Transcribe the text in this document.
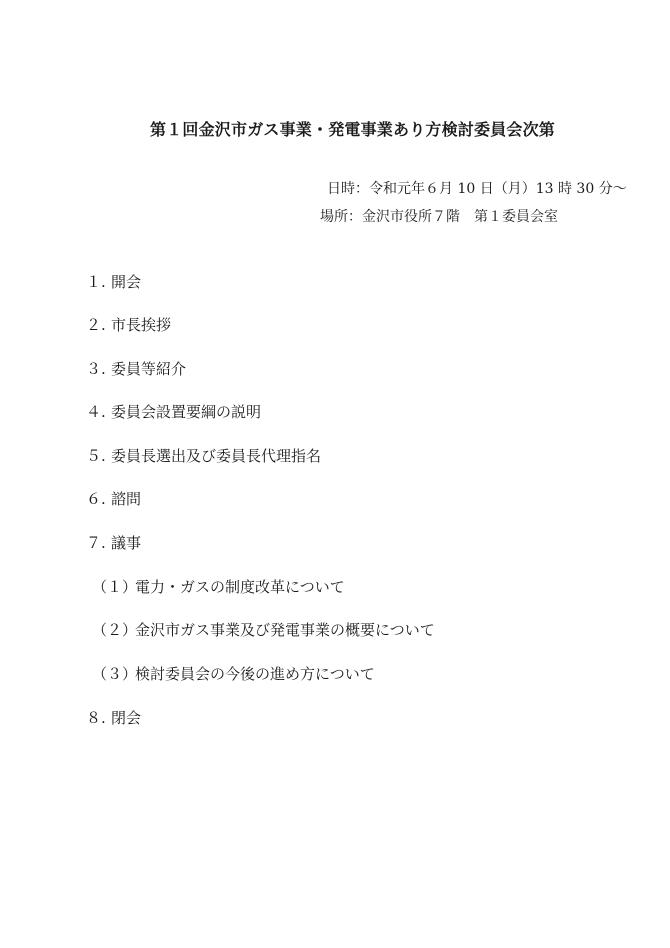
第１回金沢市ガス事業・発電事業あり方検討委員会次第
日時：令和元年６月 10 日（月）13 時 30 分～
場所：金沢市役所７階　第１委員会室
１. 開会
２. 市長挨拶
３. 委員等紹介
４. 委員会設置要綱の説明
５. 委員長選出及び委員長代理指名
６. 諮問
７. 議事
（１）電力・ガスの制度改革について
（２）金沢市ガス事業及び発電事業の概要について
（３）検討委員会の今後の進め方について
８. 閉会
